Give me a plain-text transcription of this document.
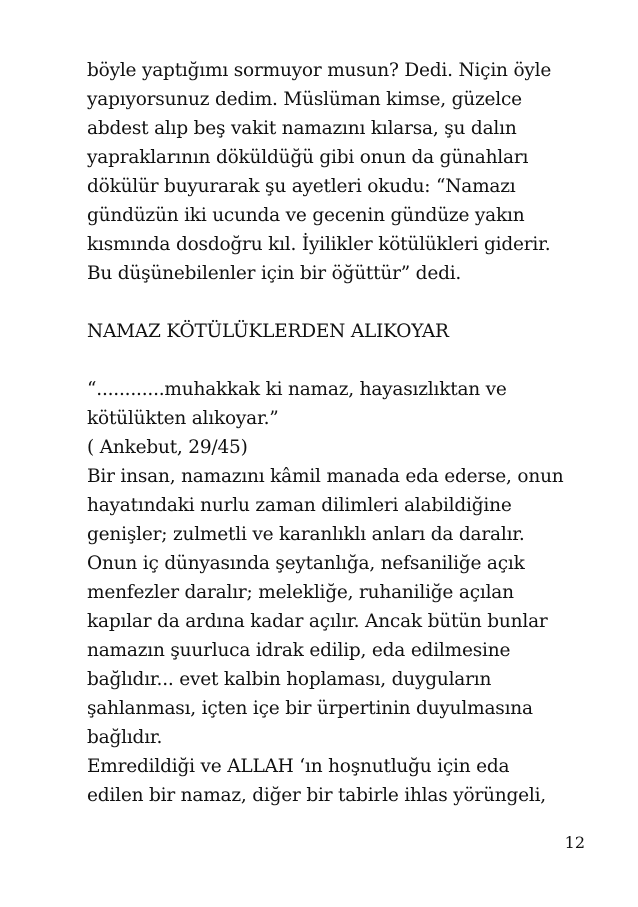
böyle yaptığımı sormuyor musun? Dedi. Niçin öyle
yapıyorsunuz dedim. Müslüman kimse, güzelce
abdest alıp beş vakit namazını kılarsa, şu dalın
yapraklarının döküldüğü gibi onun da günahları
dökülür buyurarak şu ayetleri okudu: “Namazı
gündüzün iki ucunda ve gecenin gündüze yakın
kısmında dosdoğru kıl. İyilikler kötülükleri giderir.
Bu düşünebilenler için bir öğüttür” dedi.
NAMAZ KÖTÜLÜKLERDEN ALIKOYAR
“............muhakkak ki namaz, hayasızlıktan ve
kötülükten alıkoyar.”
( Ankebut, 29/45)
Bir insan, namazını kâmil manada eda ederse, onun
hayatındaki nurlu zaman dilimleri alabildiğine
genişler; zulmetli ve karanlıklı anları da daralır.
Onun iç dünyasında şeytanlığa, nefsaniliğe açık
menfezler daralır; melekliğe, ruhaniliğe açılan
kapılar da ardına kadar açılır. Ancak bütün bunlar
namazın şuurluca idrak edilip, eda edilmesine
bağlıdır... evet kalbin hoplaması, duyguların
şahlanması, içten içe bir ürpertinin duyulmasına
bağlıdır.
Emredildiği ve ALLAH ‘ın hoşnutluğu için eda
edilen bir namaz, diğer bir tabirle ihlas yörüngeli,
12
